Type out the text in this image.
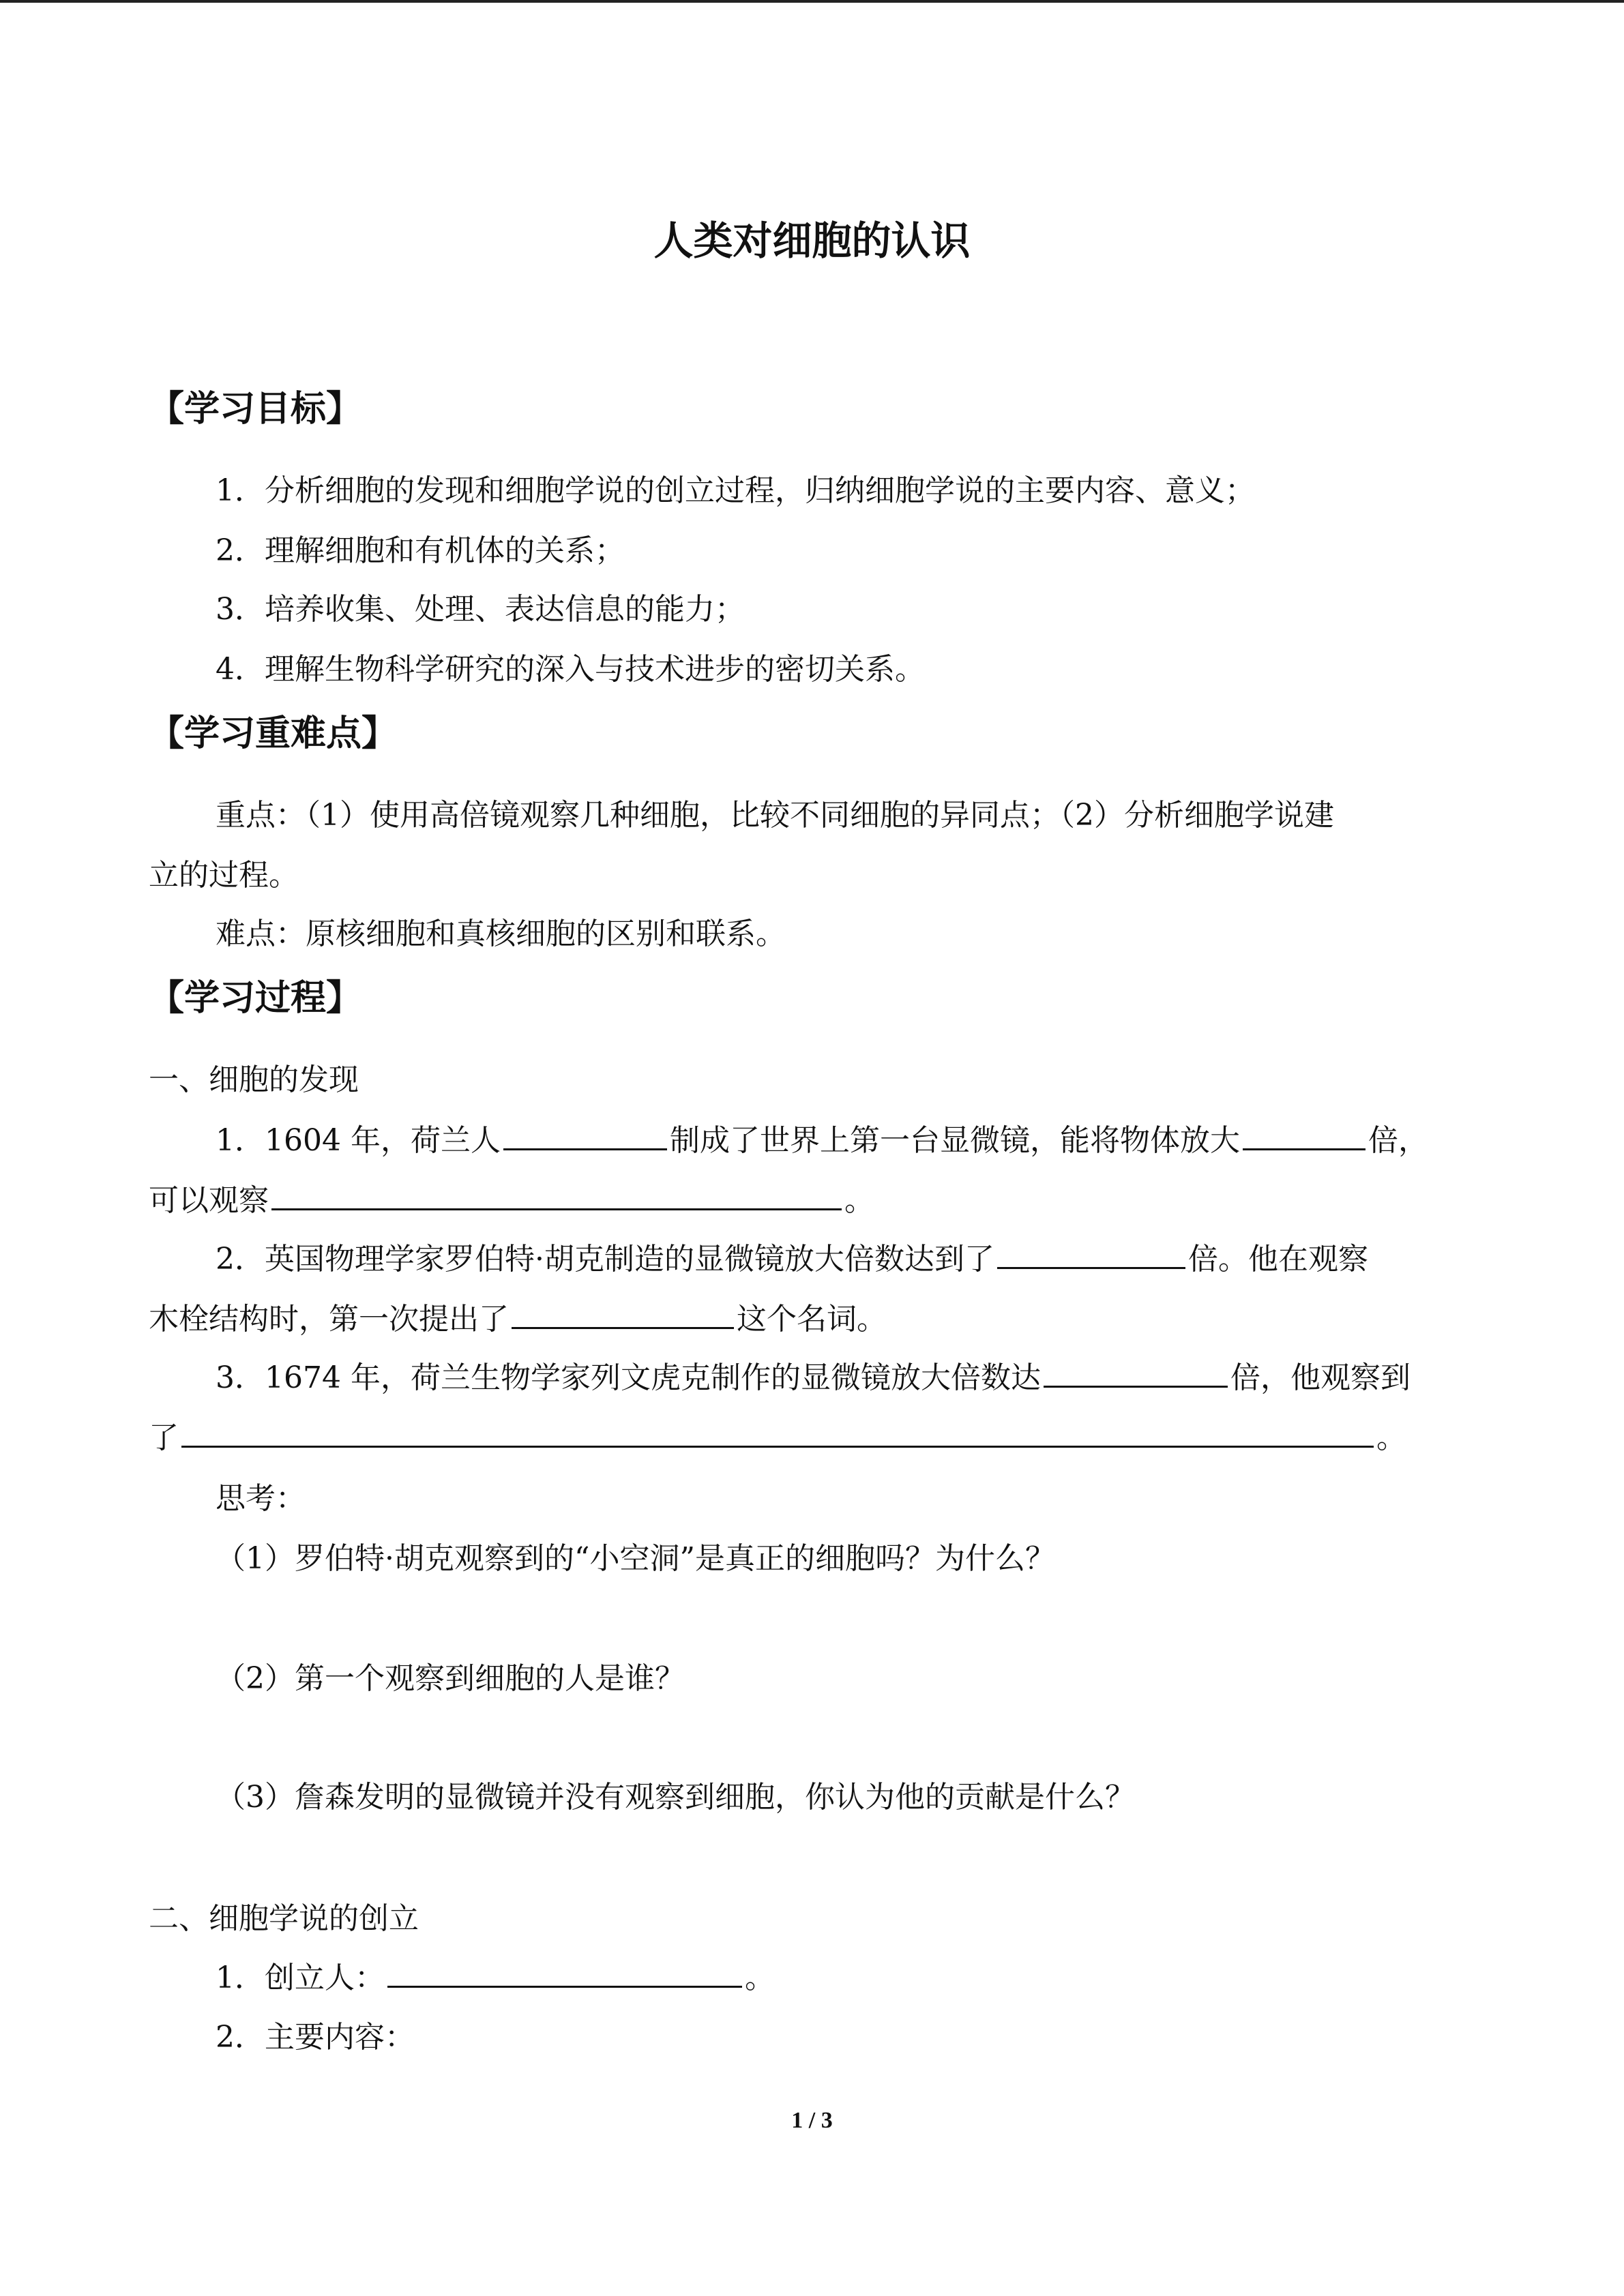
人类对细胞的认识
【学习目标】
1．分析细胞的发现和细胞学说的创立过程，归纳细胞学说的主要内容、意义；
2．理解细胞和有机体的关系；
3．培养收集、处理、表达信息的能力；
4．理解生物科学研究的深入与技术进步的密切关系。
【学习重难点】
重点：（1）使用高倍镜观察几种细胞，比较不同细胞的异同点；（2）分析细胞学说建
立的过程。
难点：原核细胞和真核细胞的区别和联系。
【学习过程】
一、细胞的发现
1．1604 年，荷兰人	制成了世界上第一台显微镜，能将物体放大	倍，
可以观察	。
2．英国物理学家罗伯特·胡克制造的显微镜放大倍数达到了	倍。他在观察
木栓结构时，第一次提出了	这个名词。
3．1674 年，荷兰生物学家列文虎克制作的显微镜放大倍数达	倍，他观察到
了	。
思考：
（1）罗伯特·胡克观察到的“小空洞”是真正的细胞吗？为什么？
（2）第一个观察到细胞的人是谁？
（3）詹森发明的显微镜并没有观察到细胞，你认为他的贡献是什么？
二、细胞学说的创立
1．创立人：	。
2．主要内容：
1 / 3
